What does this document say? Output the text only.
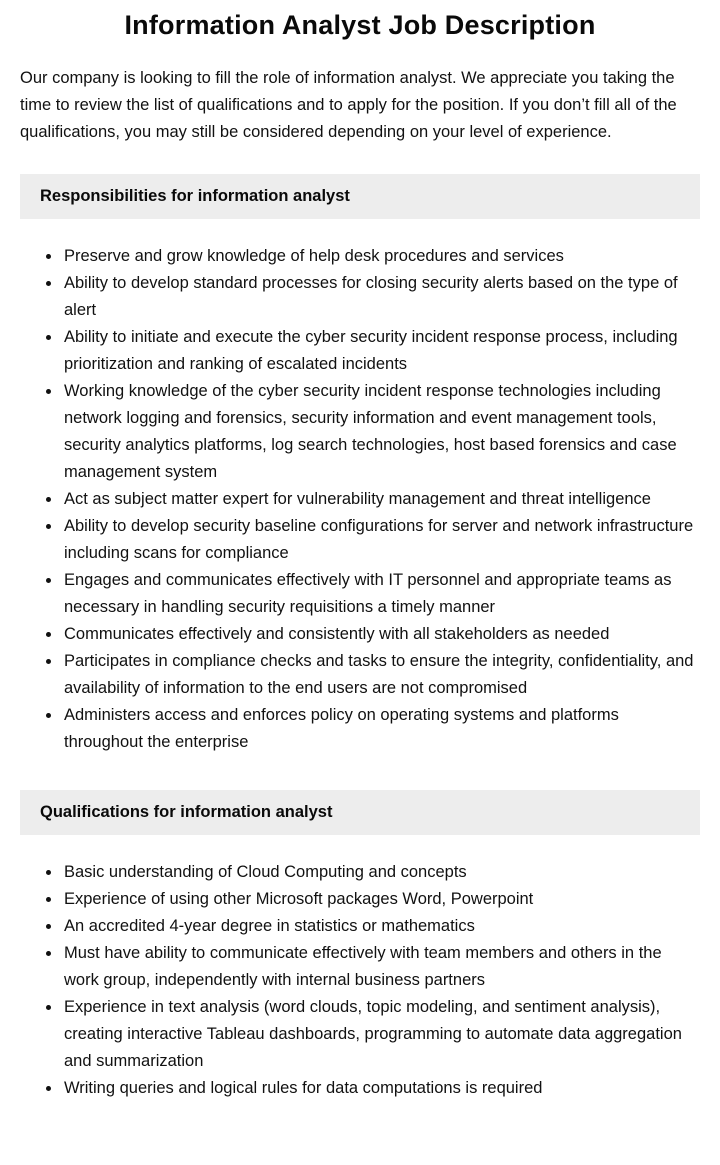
Information Analyst Job Description

Our company is looking to fill the role of information analyst. We appreciate you taking the time to review the list of qualifications and to apply for the position. If you don’t fill all of the qualifications, you may still be considered depending on your level of experience.

Responsibilities for information analyst
Preserve and grow knowledge of help desk procedures and services
Ability to develop standard processes for closing security alerts based on the type of alert
Ability to initiate and execute the cyber security incident response process, including prioritization and ranking of escalated incidents
Working knowledge of the cyber security incident response technologies including network logging and forensics, security information and event management tools, security analytics platforms, log search technologies, host based forensics and case management system
Act as subject matter expert for vulnerability management and threat intelligence
Ability to develop security baseline configurations for server and network infrastructure including scans for compliance
Engages and communicates effectively with IT personnel and appropriate teams as necessary in handling security requisitions a timely manner
Communicates effectively and consistently with all stakeholders as needed
Participates in compliance checks and tasks to ensure the integrity, confidentiality, and availability of information to the end users are not compromised
Administers access and enforces policy on operating systems and platforms throughout the enterprise
Qualifications for information analyst
Basic understanding of Cloud Computing and concepts
Experience of using other Microsoft packages Word, Powerpoint
An accredited 4-year degree in statistics or mathematics
Must have ability to communicate effectively with team members and others in the work group, independently with internal business partners
Experience in text analysis (word clouds, topic modeling, and sentiment analysis), creating interactive Tableau dashboards, programming to automate data aggregation and summarization
Writing queries and logical rules for data computations is required
